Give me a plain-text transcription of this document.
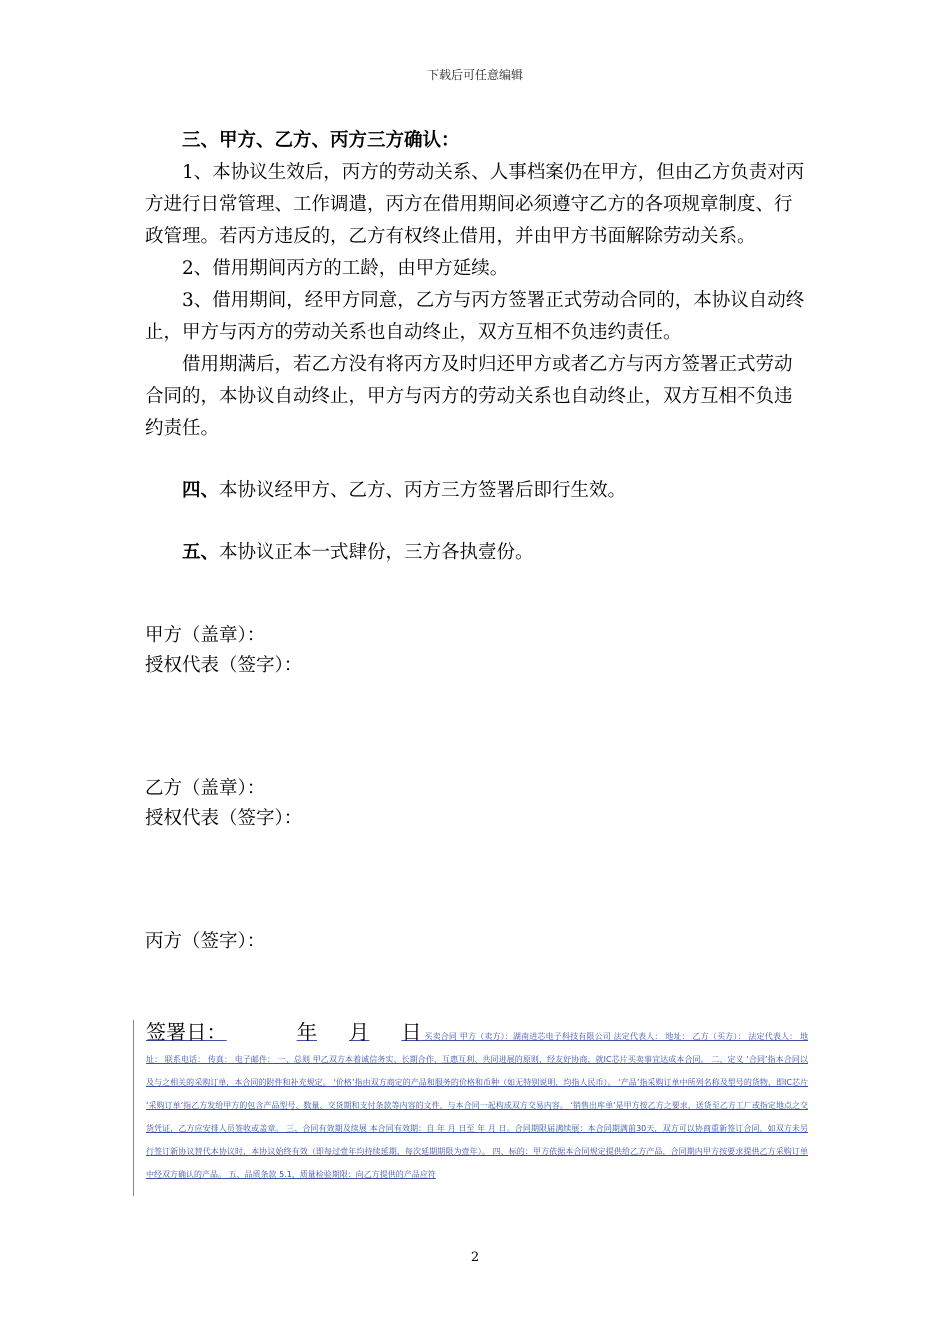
下载后可任意编辑

三、甲方、乙方、丙方三方确认：

1、本协议生效后，丙方的劳动关系、人事档案仍在甲方，但由乙方负责对丙方进行日常管理、工作调遣，丙方在借用期间必须遵守乙方的各项规章制度、行政管理。若丙方违反的，乙方有权终止借用，并由甲方书面解除劳动关系。

2、借用期间丙方的工龄，由甲方延续。

3、借用期间，经甲方同意，乙方与丙方签署正式劳动合同的，本协议自动终止，甲方与丙方的劳动关系也自动终止，双方互相不负违约责任。

借用期满后，若乙方没有将丙方及时归还甲方或者乙方与丙方签署正式劳动合同的，本协议自动终止，甲方与丙方的劳动关系也自动终止，双方互相不负违约责任。

四、本协议经甲方、乙方、丙方三方签署后即行生效。

五、本协议正本一式肆份，三方各执壹份。

甲方（盖章）：
授权代表（签字）：
乙方（盖章）：
授权代表（签字）：
丙方（签字）：
签署日：	年 月 日 买卖合同 甲方（卖方）：湖南进芯电子科技有限公司 法定代表人： 地址： 乙方（买方）： 法定代表人： 地址： 联系电话： 传真： 电子邮件： 一、总则 甲乙双方本着诚信务实、长期合作、互惠互利、共同进展的原则，经友好协商，就IC芯片买卖事宜达成本合同。 二、定义 ‘合同’指本合同以及与之相关的采购订单，本合同的附件和补充规定。 ‘价格’指由双方商定的产品和服务的价格和币种（如无特别说明，均指人民币）。 ‘产品’指采购订单中所列名称及型号的货物，即IC芯片 ‘采购订单’指乙方发给甲方的包含产品型号、数量、交货期和支付条款等内容的文件，与本合同一起构成双方交易内容。 ‘销售出库单’是甲方按乙方之要求，送货至乙方工厂或指定地点之交货凭证，乙方应安排人员签收或盖章。 三、合同有效期及续展 本合同有效期：自 年 月 日至 年 月 日。合同期限届满续展：本合同期满前30天，双方可以协商重新签订合同，如双方未另行签订新协议替代本协议时，本协议始终有效（即每过壹年均持续延期，每次延期期限为壹年）。 四、标的：甲方依据本合同规定提供给乙方产品，合同期内甲方按要求提供乙方采购订单中经双方确认的产品。 五、品质条款 5.1、质量检验期限：向乙方提供的产品应符
2
